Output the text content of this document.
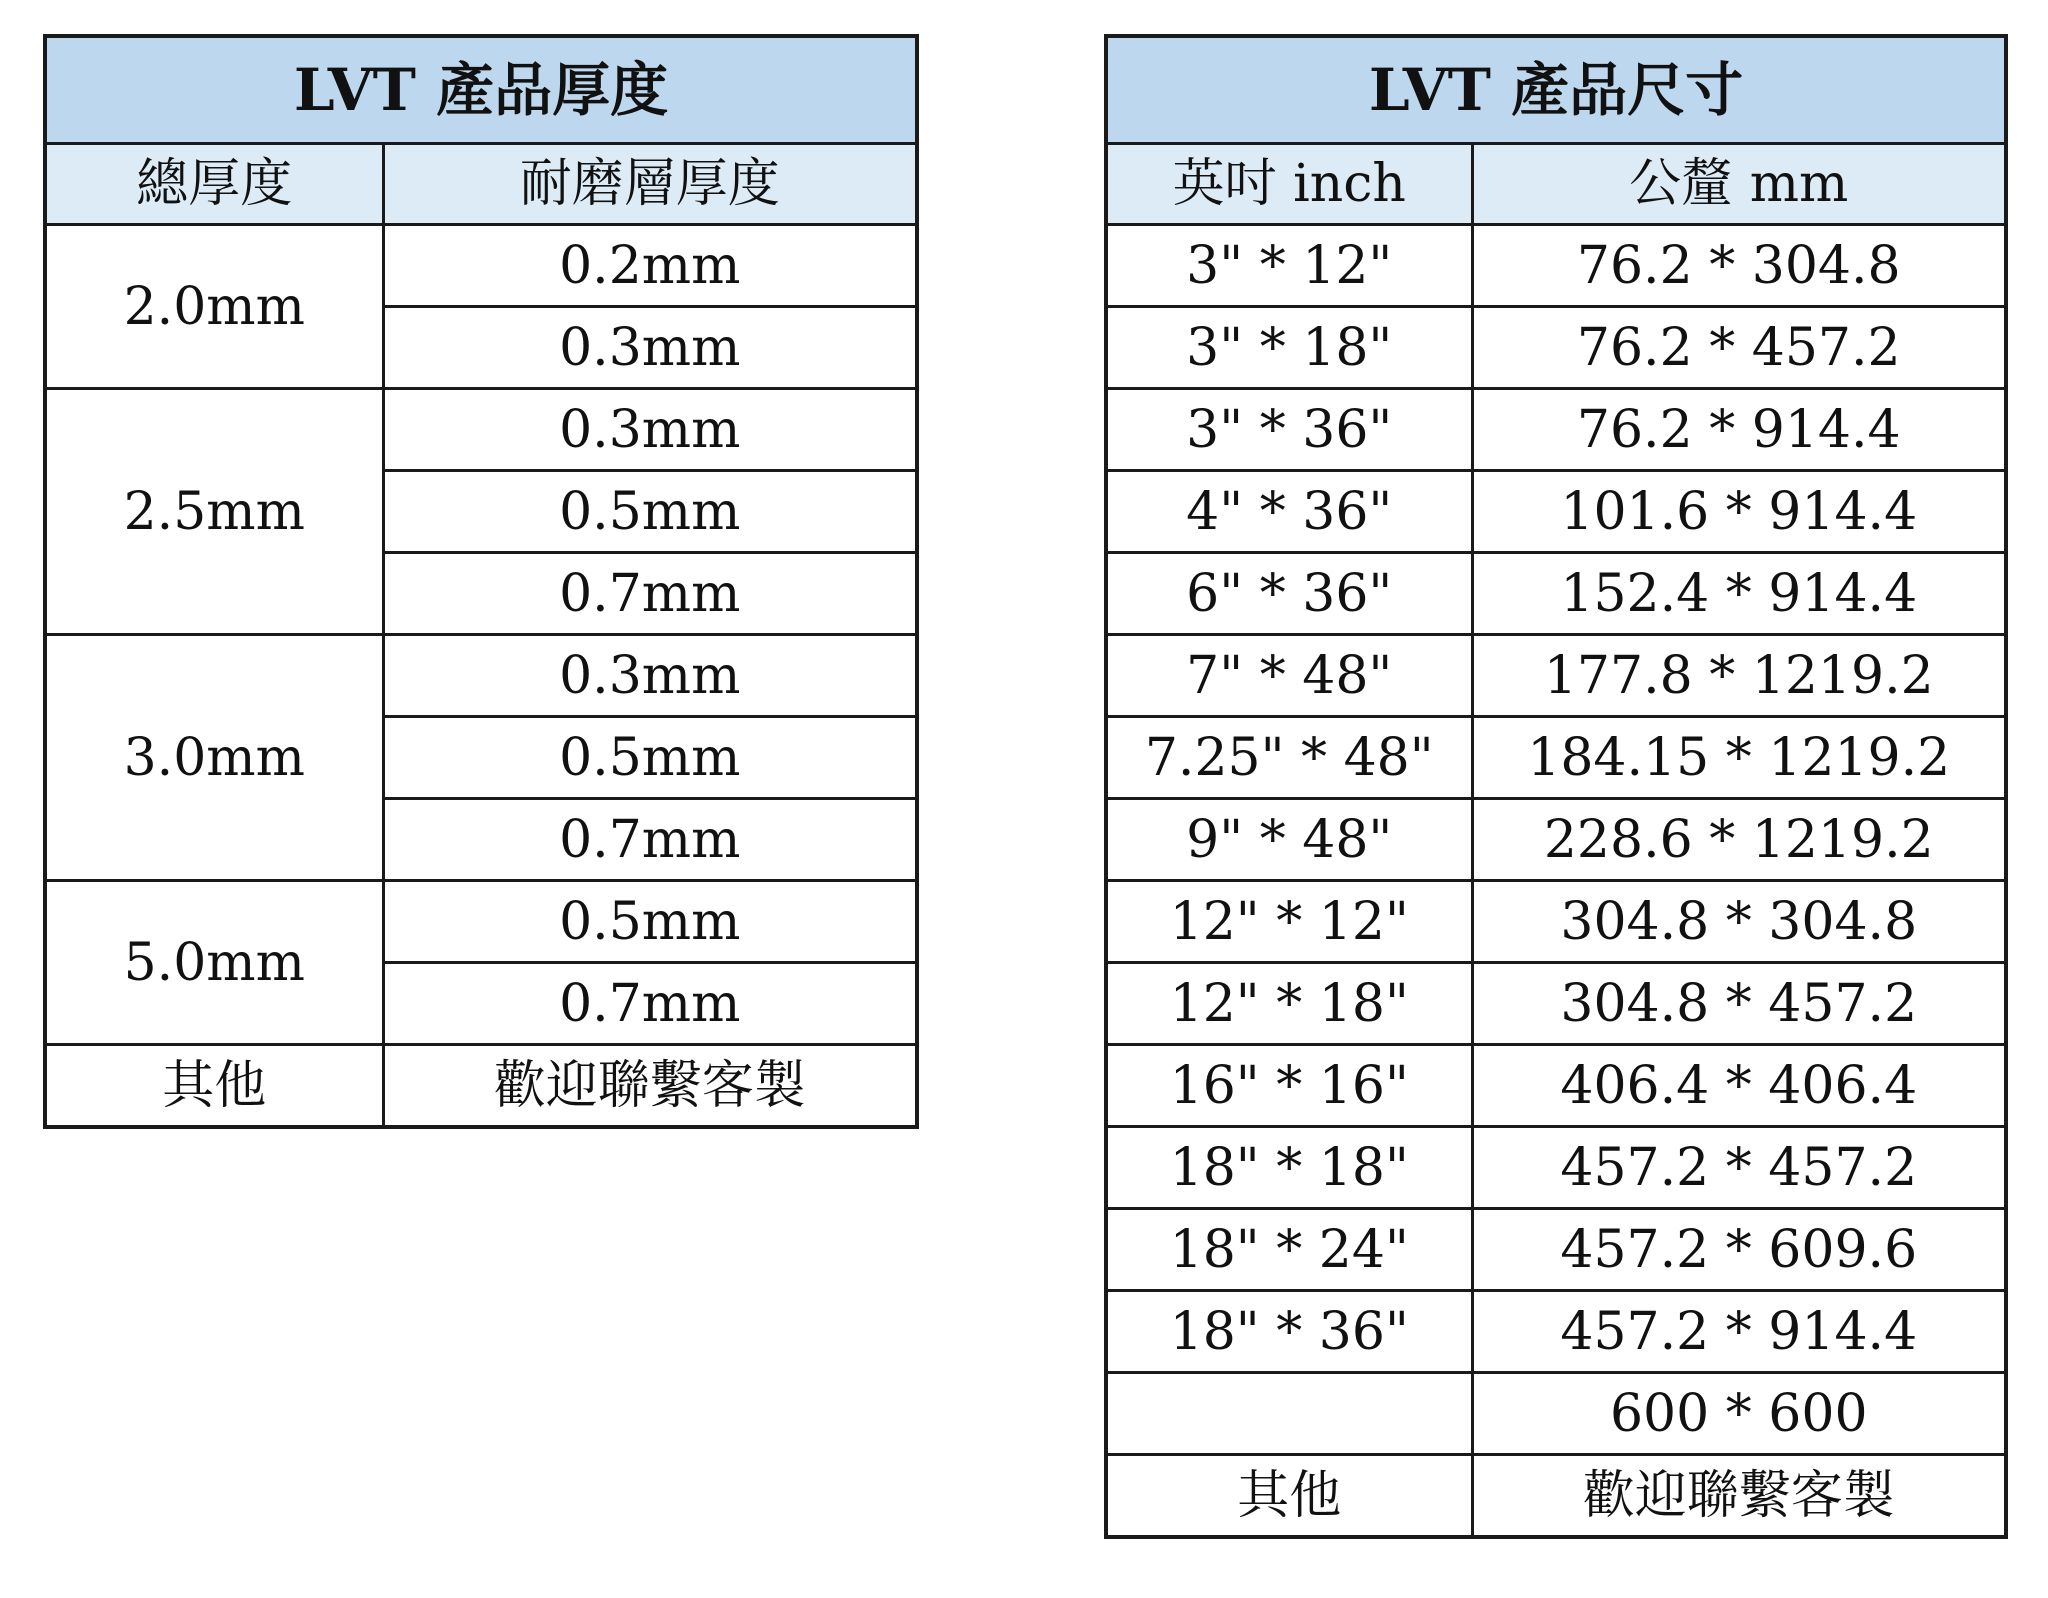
LVT 產品厚度	
總厚度	耐磨層厚度
2.0mm	0.2mm
	0.3mm
2.5mm	0.3mm
	0.5mm
	0.7mm
3.0mm	0.3mm
	0.5mm
	0.7mm
5.0mm	0.5mm
	0.7mm
其他	歡迎聯繫客製
LVT 產品尺寸	
英吋 inch	公釐 mm
3" * 12"	76.2 * 304.8
3" * 18"	76.2 * 457.2
3" * 36"	76.2 * 914.4
4" * 36"	101.6 * 914.4
6" * 36"	152.4 * 914.4
7" * 48"	177.8 * 1219.2
7.25" * 48"	184.15 * 1219.2
9" * 48"	228.6 * 1219.2
12" * 12"	304.8 * 304.8
12" * 18"	304.8 * 457.2
16" * 16"	406.4 * 406.4
18" * 18"	457.2 * 457.2
18" * 24"	457.2 * 609.6
18" * 36"	457.2 * 914.4
	600 * 600
其他	歡迎聯繫客製
